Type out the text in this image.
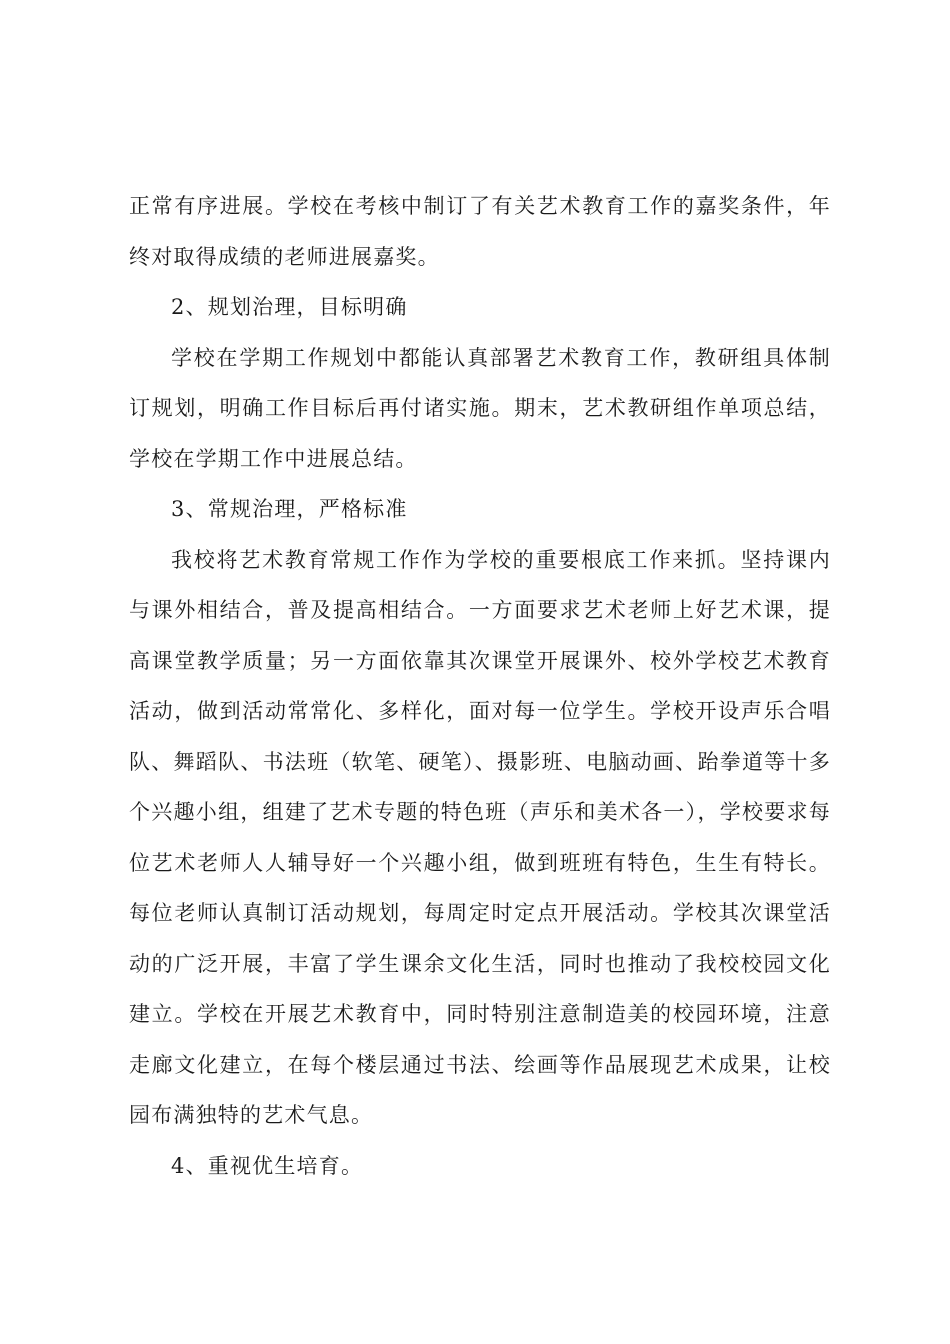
正常有序进展。学校在考核中制订了有关艺术教育工作的嘉奖条件，年终对取得成绩的老师进展嘉奖。

2、规划治理，目标明确

学校在学期工作规划中都能认真部署艺术教育工作，教研组具体制订规划，明确工作目标后再付诸实施。期末，艺术教研组作单项总结，学校在学期工作中进展总结。

3、常规治理，严格标准

我校将艺术教育常规工作作为学校的重要根底工作来抓。坚持课内与课外相结合，普及提高相结合。一方面要求艺术老师上好艺术课，提高课堂教学质量；另一方面依靠其次课堂开展课外、校外学校艺术教育活动，做到活动常常化、多样化，面对每一位学生。学校开设声乐合唱队、舞蹈队、书法班（软笔、硬笔）、摄影班、电脑动画、跆拳道等十多个兴趣小组，组建了艺术专题的特色班（声乐和美术各一），学校要求每位艺术老师人人辅导好一个兴趣小组，做到班班有特色，生生有特长。每位老师认真制订活动规划，每周定时定点开展活动。学校其次课堂活动的广泛开展，丰富了学生课余文化生活，同时也推动了我校校园文化建立。学校在开展艺术教育中，同时特别注意制造美的校园环境，注意走廊文化建立，在每个楼层通过书法、绘画等作品展现艺术成果，让校园布满独特的艺术气息。

4、重视优生培育。
